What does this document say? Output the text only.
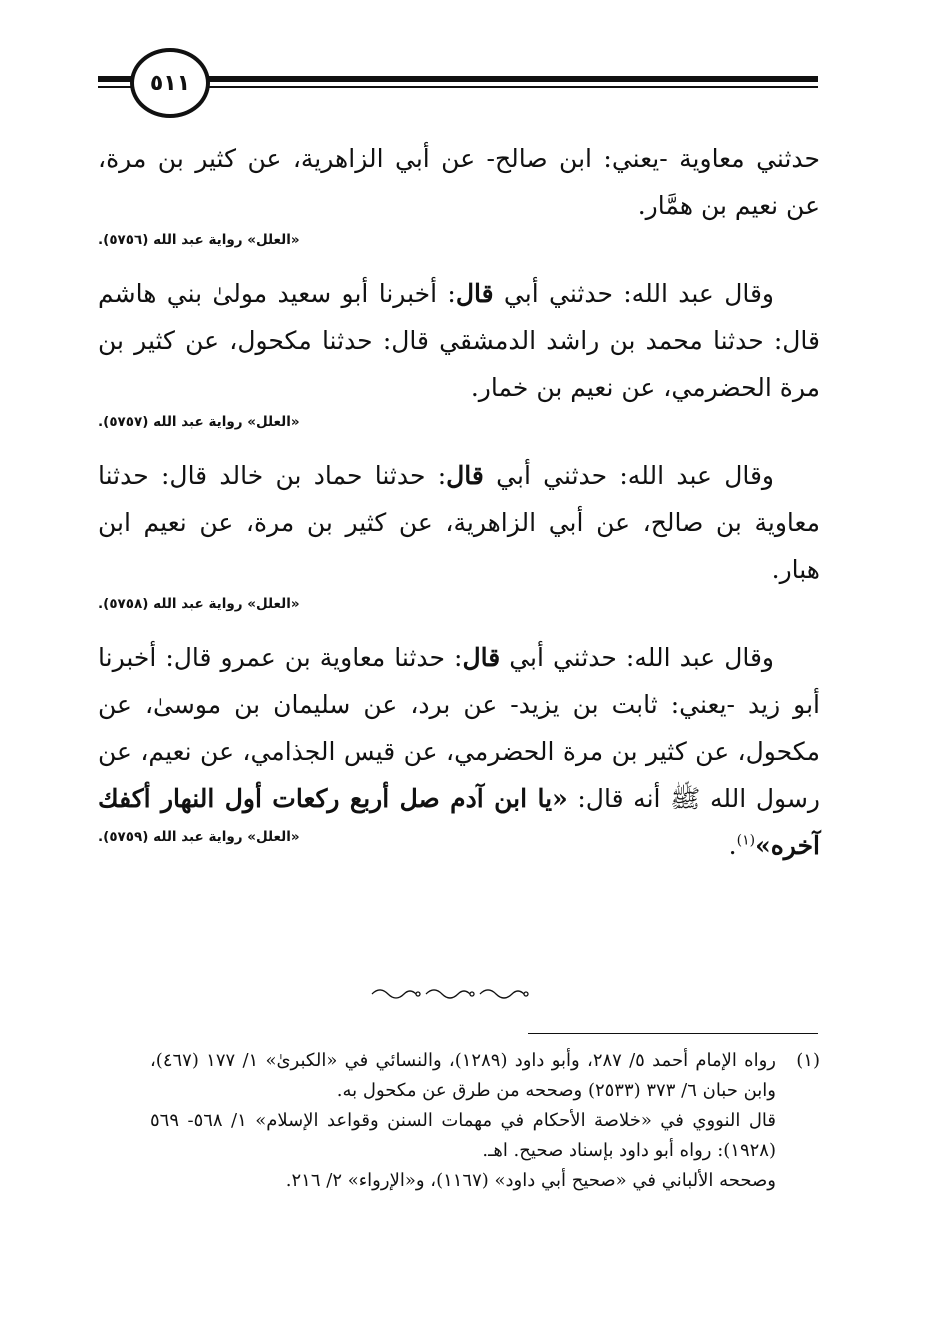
٥١١

حدثني معاوية -يعني: ابن صالح- عن أبي الزاهرية، عن كثير بن مرة، عن نعيم بن همَّار.

«العلل» رواية عبد الله (٥٧٥٦).

وقال عبد الله: حدثني أبي قال: أخبرنا أبو سعيد مولىٰ بني هاشم قال: حدثنا محمد بن راشد الدمشقي قال: حدثنا مكحول، عن كثير بن مرة الحضرمي، عن نعيم بن خمار.

«العلل» رواية عبد الله (٥٧٥٧).

وقال عبد الله: حدثني أبي قال: حدثنا حماد بن خالد قال: حدثنا معاوية بن صالح، عن أبي الزاهرية، عن كثير بن مرة، عن نعيم ابن هبار.

«العلل» رواية عبد الله (٥٧٥٨).

وقال عبد الله: حدثني أبي قال: حدثنا معاوية بن عمرو قال: أخبرنا أبو زيد -يعني: ثابت بن يزيد- عن برد، عن سليمان بن موسىٰ، عن مكحول، عن كثير بن مرة الحضرمي، عن قيس الجذامي، عن نعيم، عن رسول الله ﷺ أنه قال: «يا ابن آدم صل أربع ركعات أول النهار أكفك آخره»$^{(١)}$.

«العلل» رواية عبد الله (٥٧٥٩).
(١)

رواه الإمام أحمد ٥/ ٢٨٧، وأبو داود (١٢٨٩)، والنسائي في «الكبرىٰ» ١/ ١٧٧ (٤٦٧)، وابن حبان ٦/ ٣٧٣ (٢٥٣٣) وصححه من طرق عن مكحول به.

قال النووي في «خلاصة الأحكام في مهمات السنن وقواعد الإسلام» ١/ ٥٦٨- ٥٦٩ (١٩٢٨): رواه أبو داود بإسناد صحيح. اهـ.

وصححه الألباني في «صحيح أبي داود» (١١٦٧)، و«الإرواء» ٢/ ٢١٦.
